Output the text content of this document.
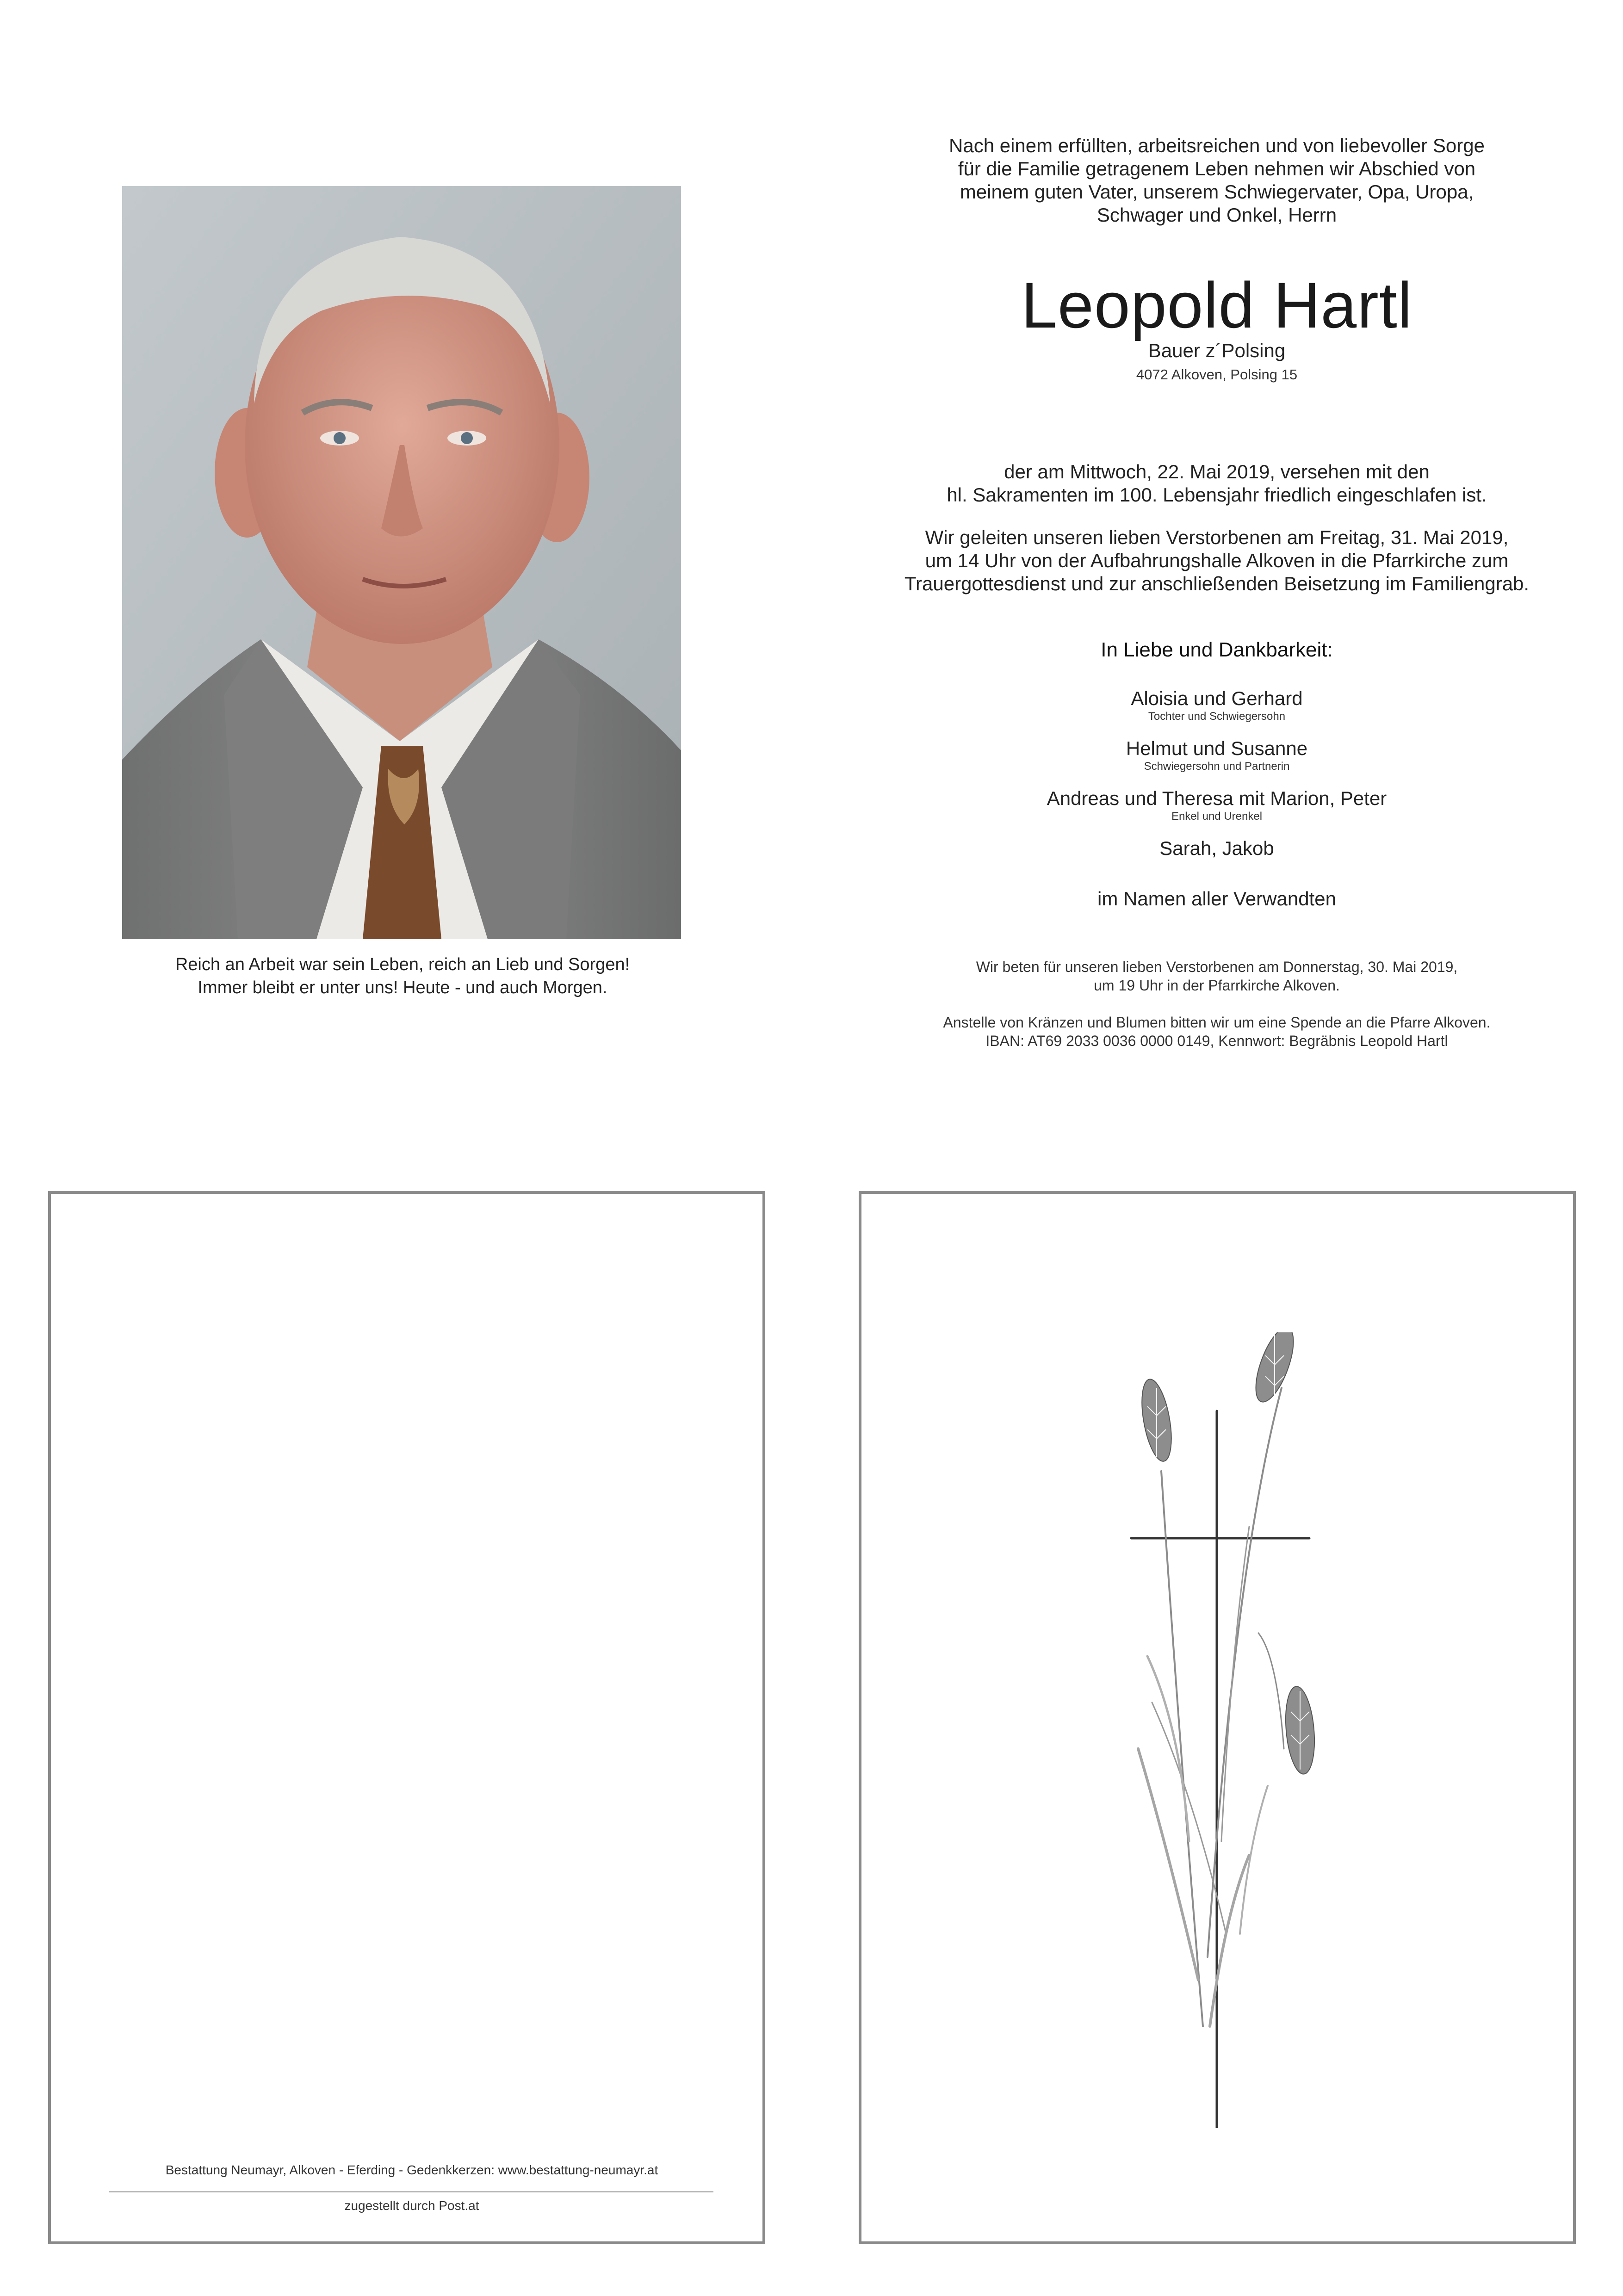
Reich an Arbeit war sein Leben, reich an Lieb und Sorgen!
Immer bleibt er unter uns! Heute - und auch Morgen.
Nach einem erfüllten, arbeitsreichen und von liebevoller Sorge
für die Familie getragenem Leben nehmen wir Abschied von
meinem guten Vater, unserem Schwiegervater, Opa, Uropa,
Schwager und Onkel, Herrn
Leopold Hartl
Bauer z´Polsing
4072 Alkoven, Polsing 15
der am Mittwoch, 22. Mai 2019, versehen mit den
hl. Sakramenten im 100. Lebensjahr friedlich eingeschlafen ist.
Wir geleiten unseren lieben Verstorbenen am Freitag, 31. Mai 2019,
um 14 Uhr von der Aufbahrungshalle Alkoven in die Pfarrkirche zum
Trauergottesdienst und zur anschließenden Beisetzung im Familiengrab.
In Liebe und Dankbarkeit:
Aloisia und Gerhard
Tochter und Schwiegersohn
Helmut und Susanne
Schwiegersohn und Partnerin
Andreas und Theresa mit Marion, Peter
Enkel und Urenkel
Sarah, Jakob
im Namen aller Verwandten
Wir beten für unseren lieben Verstorbenen am Donnerstag, 30. Mai 2019,
um 19 Uhr in der Pfarrkirche Alkoven.
Anstelle von Kränzen und Blumen bitten wir um eine Spende an die Pfarre Alkoven.
IBAN: AT69 2033 0036 0000 0149, Kennwort: Begräbnis Leopold Hartl
Bestattung Neumayr, Alkoven - Eferding - Gedenkkerzen: www.bestattung-neumayr.at
zugestellt durch Post.at
